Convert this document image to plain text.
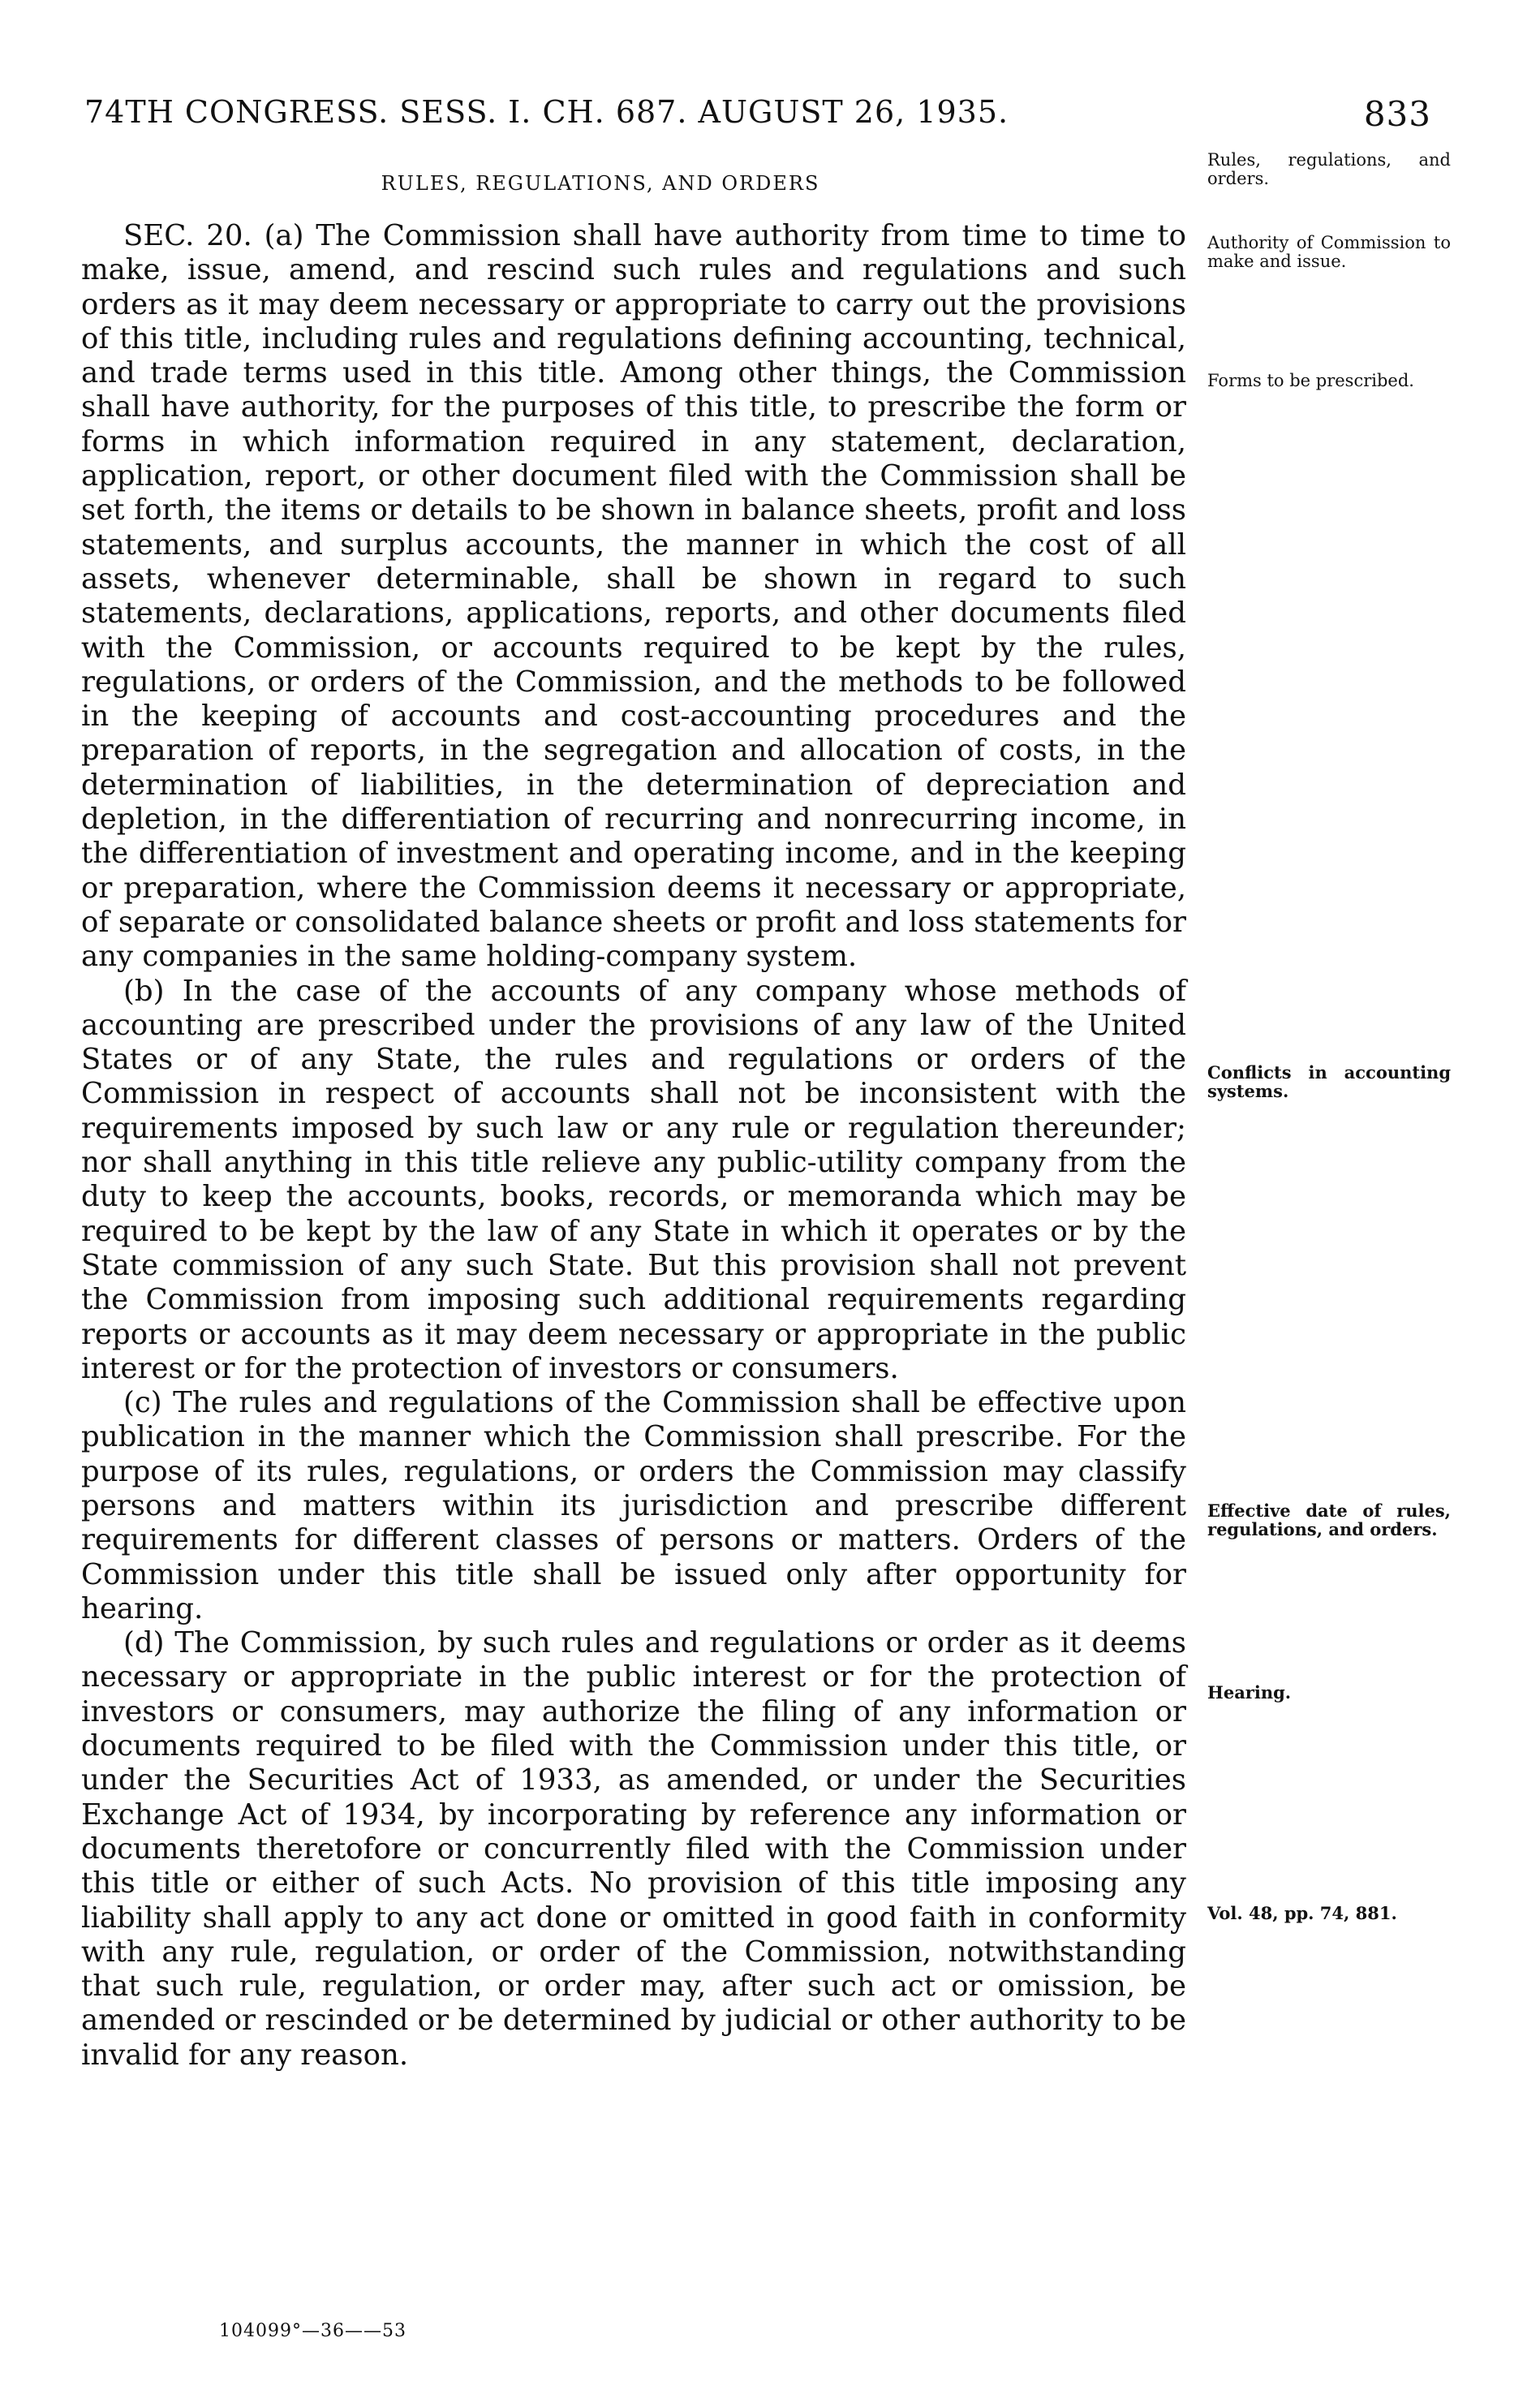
74TH CONGRESS. SESS. I. CH. 687. AUGUST 26, 1935.	833
RULES, REGULATIONS, AND ORDERS

SEC. 20. (a) The Commission shall have authority from time to time to make, issue, amend, and rescind such rules and regulations and such orders as it may deem necessary or appropriate to carry out the provisions of this title, including rules and regulations defining accounting, technical, and trade terms used in this title. Among other things, the Commission shall have authority, for the purposes of this title, to prescribe the form or forms in which information required in any statement, declaration, application, report, or other document filed with the Commission shall be set forth, the items or details to be shown in balance sheets, profit and loss statements, and surplus accounts, the manner in which the cost of all assets, whenever determinable, shall be shown in regard to such statements, declarations, applications, reports, and other documents filed with the Commission, or accounts required to be kept by the rules, regulations, or orders of the Commission, and the methods to be followed in the keeping of accounts and cost-accounting procedures and the preparation of reports, in the segregation and allocation of costs, in the determination of liabilities, in the determination of depreciation and depletion, in the differentiation of recurring and nonrecurring income, in the differentiation of investment and operating income, and in the keeping or preparation, where the Commission deems it necessary or appropriate, of separate or consolidated balance sheets or profit and loss statements for any companies in the same holding-company system.

(b) In the case of the accounts of any company whose methods of accounting are prescribed under the provisions of any law of the United States or of any State, the rules and regulations or orders of the Commission in respect of accounts shall not be inconsistent with the requirements imposed by such law or any rule or regulation thereunder; nor shall anything in this title relieve any public-utility company from the duty to keep the accounts, books, records, or memoranda which may be required to be kept by the law of any State in which it operates or by the State commission of any such State. But this provision shall not prevent the Commission from imposing such additional requirements regarding reports or accounts as it may deem necessary or appropriate in the public interest or for the protection of investors or consumers.

(c) The rules and regulations of the Commission shall be effective upon publication in the manner which the Commission shall prescribe. For the purpose of its rules, regulations, or orders the Commission may classify persons and matters within its jurisdiction and prescribe different requirements for different classes of persons or matters. Orders of the Commission under this title shall be issued only after opportunity for hearing.

(d) The Commission, by such rules and regulations or order as it deems necessary or appropriate in the public interest or for the protection of investors or consumers, may authorize the filing of any information or documents required to be filed with the Commission under this title, or under the Securities Act of 1933, as amended, or under the Securities Exchange Act of 1934, by incorporating by reference any information or documents theretofore or concurrently filed with the Commission under this title or either of such Acts. No provision of this title imposing any liability shall apply to any act done or omitted in good faith in conformity with any rule, regulation, or order of the Commission, notwithstanding that such rule, regulation, or order may, after such act or omission, be amended or rescinded or be determined by judicial or other authority to be invalid for any reason.

Rules, regulations, and orders.
Authority of Commission to make and issue.
Forms to be prescribed.
Conflicts in accounting systems.
Effective date of rules, regulations, and orders.
Hearing.
Vol. 48, pp. 74, 881.
104099°—36——53
